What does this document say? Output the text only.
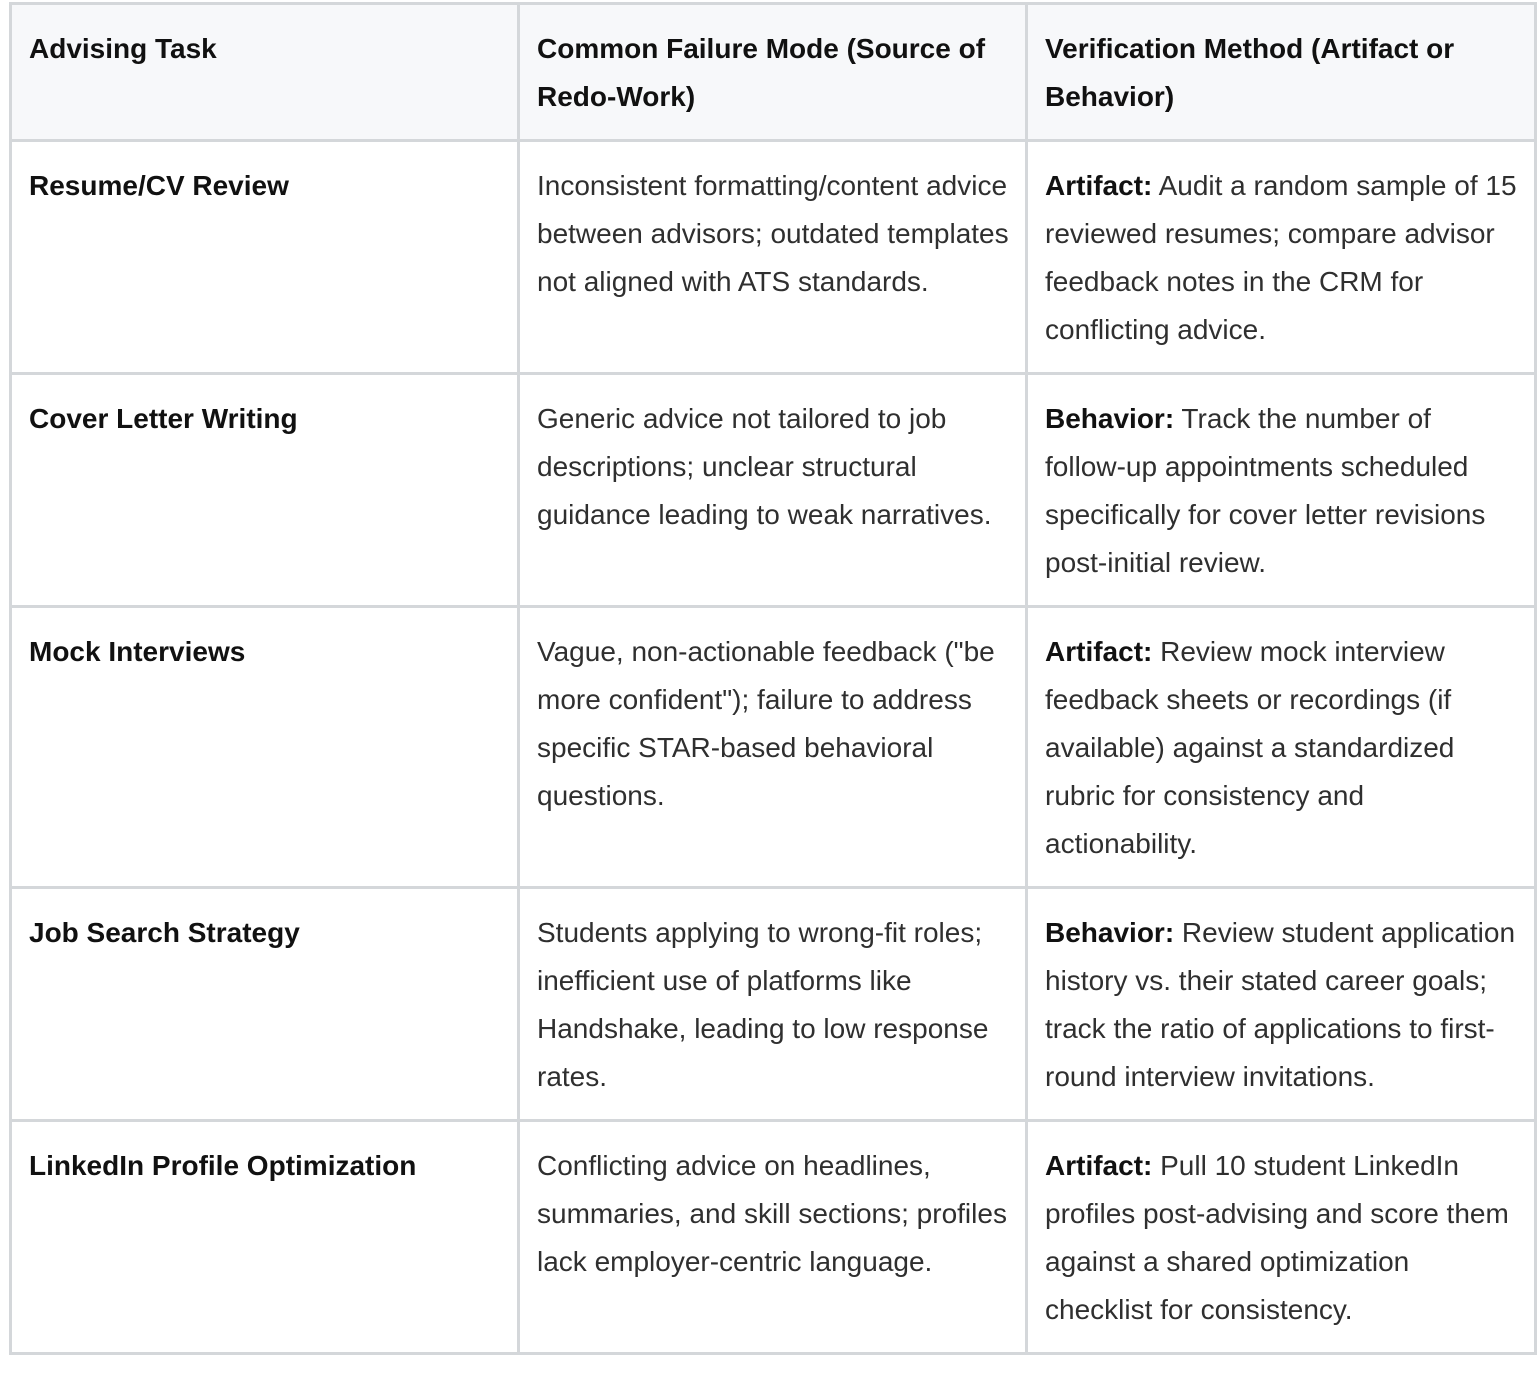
Advising Task	Common Failure Mode (Source of Redo-Work)	Verification Method (Artifact or Behavior)
Resume/CV Review	Inconsistent formatting/content advice between advisors; outdated templates not aligned with ATS standards.	Artifact: Audit a random sample of 15 reviewed resumes; compare advisor feedback notes in the CRM for conflicting advice.
Cover Letter Writing	Generic advice not tailored to job descriptions; unclear structural guidance leading to weak narratives.	Behavior: Track the number of follow-up appointments scheduled specifically for cover letter revisions post-initial review.
Mock Interviews	Vague, non-actionable feedback ("be more confident"); failure to address specific STAR-based behavioral questions.	Artifact: Review mock interview feedback sheets or recordings (if available) against a standardized rubric for consistency and actionability.
Job Search Strategy	Students applying to wrong-fit roles; inefficient use of platforms like Handshake, leading to low response rates.	Behavior: Review student application history vs. their stated career goals; track the ratio of applications to first-round interview invitations.
LinkedIn Profile Optimization	Conflicting advice on headlines, summaries, and skill sections; profiles lack employer-centric language.	Artifact: Pull 10 student LinkedIn profiles post-advising and score them against a shared optimization checklist for consistency.
